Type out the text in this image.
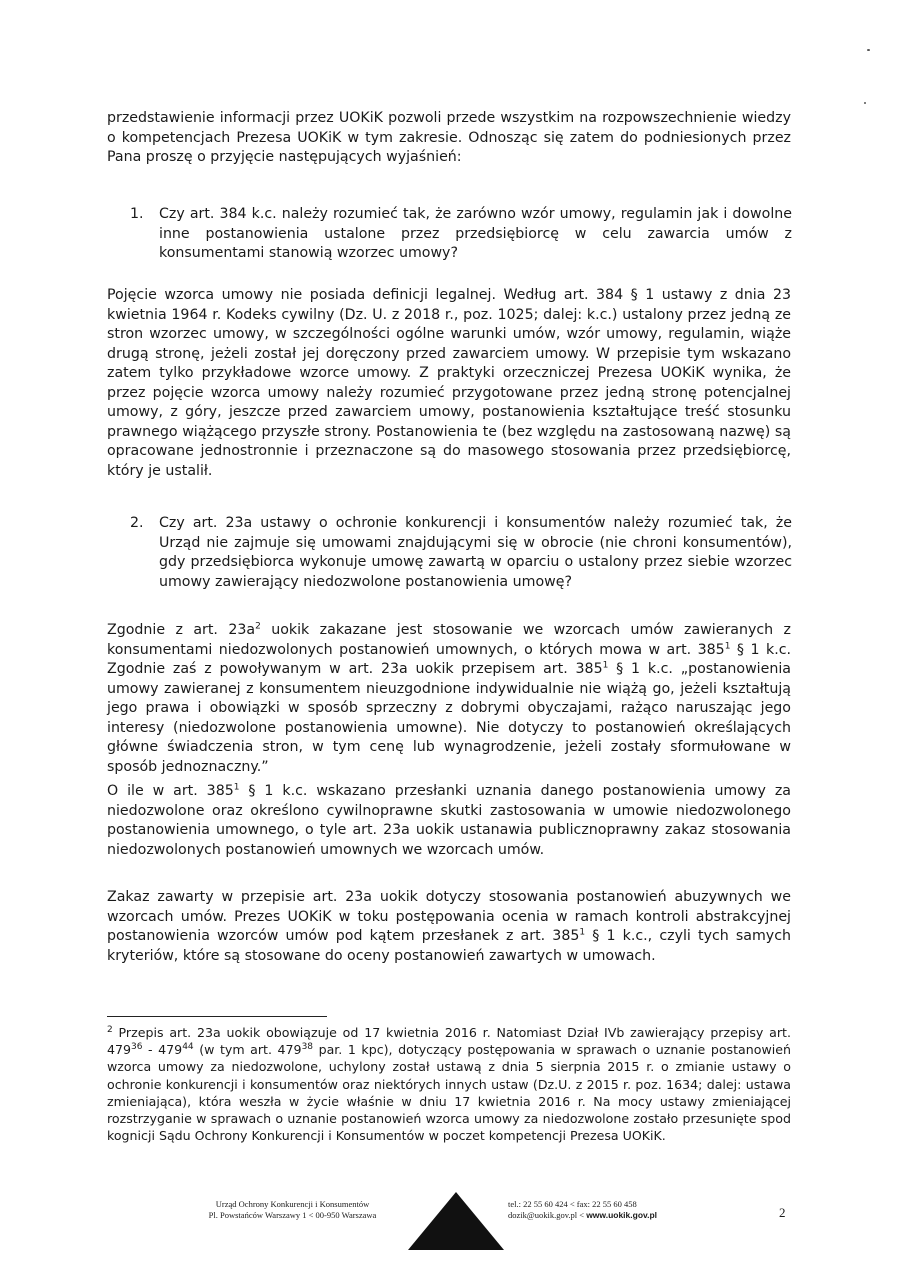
przedstawienie informacji przez UOKiK pozwoli przede wszystkim na rozpowszechnienie wiedzy o kompetencjach Prezesa UOKiK w tym zakresie. Odnosząc się zatem do podniesionych przez Pana proszę o przyjęcie następujących wyjaśnień:

1.	Czy art. 384 k.c. należy rozumieć tak, że zarówno wzór umowy, regulamin jak i dowolne inne postanowienia ustalone przez przedsiębiorcę w celu zawarcia umów z konsumentami stanowią wzorzec umowy?

Pojęcie wzorca umowy nie posiada definicji legalnej. Według art. 384 § 1 ustawy z dnia 23 kwietnia 1964 r. Kodeks cywilny (Dz. U. z 2018 r., poz. 1025; dalej: k.c.) ustalony przez jedną ze stron wzorzec umowy, w szczególności ogólne warunki umów, wzór umowy, regulamin, wiąże drugą stronę, jeżeli został jej doręczony przed zawarciem umowy. W przepisie tym wskazano zatem tylko przykładowe wzorce umowy. Z praktyki orzeczniczej Prezesa UOKiK wynika, że przez pojęcie wzorca umowy należy rozumieć przygotowane przez jedną stronę potencjalnej umowy, z góry, jeszcze przed zawarciem umowy, postanowienia kształtujące treść stosunku prawnego wiążącego przyszłe strony. Postanowienia te (bez względu na zastosowaną nazwę) są opracowane jednostronnie i przeznaczone są do masowego stosowania przez przedsiębiorcę, który je ustalił.

2.	Czy art. 23a ustawy o ochronie konkurencji i konsumentów należy rozumieć tak, że Urząd nie zajmuje się umowami znajdującymi się w obrocie (nie chroni konsumentów), gdy przedsiębiorca wykonuje umowę zawartą w oparciu o ustalony przez siebie wzorzec umowy zawierający niedozwolone postanowienia umowę?

Zgodnie z art. $23a^2$ uokik zakazane jest stosowanie we wzorcach umów zawieranych z konsumentami niedozwolonych postanowień umownych, o których mowa w art. $385^1$ § 1 k.c. Zgodnie zaś z powoływanym w art. 23a uokik przepisem art. $385^1$ § 1 k.c. „postanowienia umowy zawieranej z konsumentem nieuzgodnione indywidualnie nie wiążą go, jeżeli kształtują jego prawa i obowiązki w sposób sprzeczny z dobrymi obyczajami, rażąco naruszając jego interesy (niedozwolone postanowienia umowne). Nie dotyczy to postanowień określających główne świadczenia stron, w tym cenę lub wynagrodzenie, jeżeli zostały sformułowane w sposób jednoznaczny.”

O ile w art. $385^1$ § 1 k.c. wskazano przesłanki uznania danego postanowienia umowy za niedozwolone oraz określono cywilnoprawne skutki zastosowania w umowie niedozwolonego postanowienia umownego, o tyle art. 23a uokik ustanawia publicznoprawny zakaz stosowania niedozwolonych postanowień umownych we wzorcach umów.

Zakaz zawarty w przepisie art. 23a uokik dotyczy stosowania postanowień abuzywnych we wzorcach umów. Prezes UOKiK w toku postępowania ocenia w ramach kontroli abstrakcyjnej postanowienia wzorców umów pod kątem przesłanek z art. $385^1$ § 1 k.c., czyli tych samych kryteriów, które są stosowane do oceny postanowień zawartych w umowach.

$^2$ Przepis art. 23a uokik obowiązuje od 17 kwietnia 2016 r. Natomiast Dział IVb zawierający przepisy art. $479^{36} - 479^{44}$ (w tym art. $479^{38}$ par. 1 kpc), dotyczący postępowania w sprawach o uznanie postanowień wzorca umowy za niedozwolone, uchylony został ustawą z dnia 5 sierpnia 2015 r. o zmianie ustawy o ochronie konkurencji i konsumentów oraz niektórych innych ustaw (Dz.U. z 2015 r. poz. 1634; dalej: ustawa zmieniająca), która weszła w życie właśnie w dniu 17 kwietnia 2016 r. Na mocy ustawy zmieniającej rozstrzyganie w sprawach o uznanie postanowień wzorca umowy za niedozwolone zostało przesunięte spod kognicji Sądu Ochrony Konkurencji i Konsumentów w poczet kompetencji Prezesa UOKiK.

Urząd Ochrony Konkurencji i Konsumentów
Pl. Powstańców Warszawy 1 < 00-950 Warszawa
tel.: 22 55 60 424 < fax: 22 55 60 458
dozik@uokik.gov.pl < www.uokik.gov.pl	2
